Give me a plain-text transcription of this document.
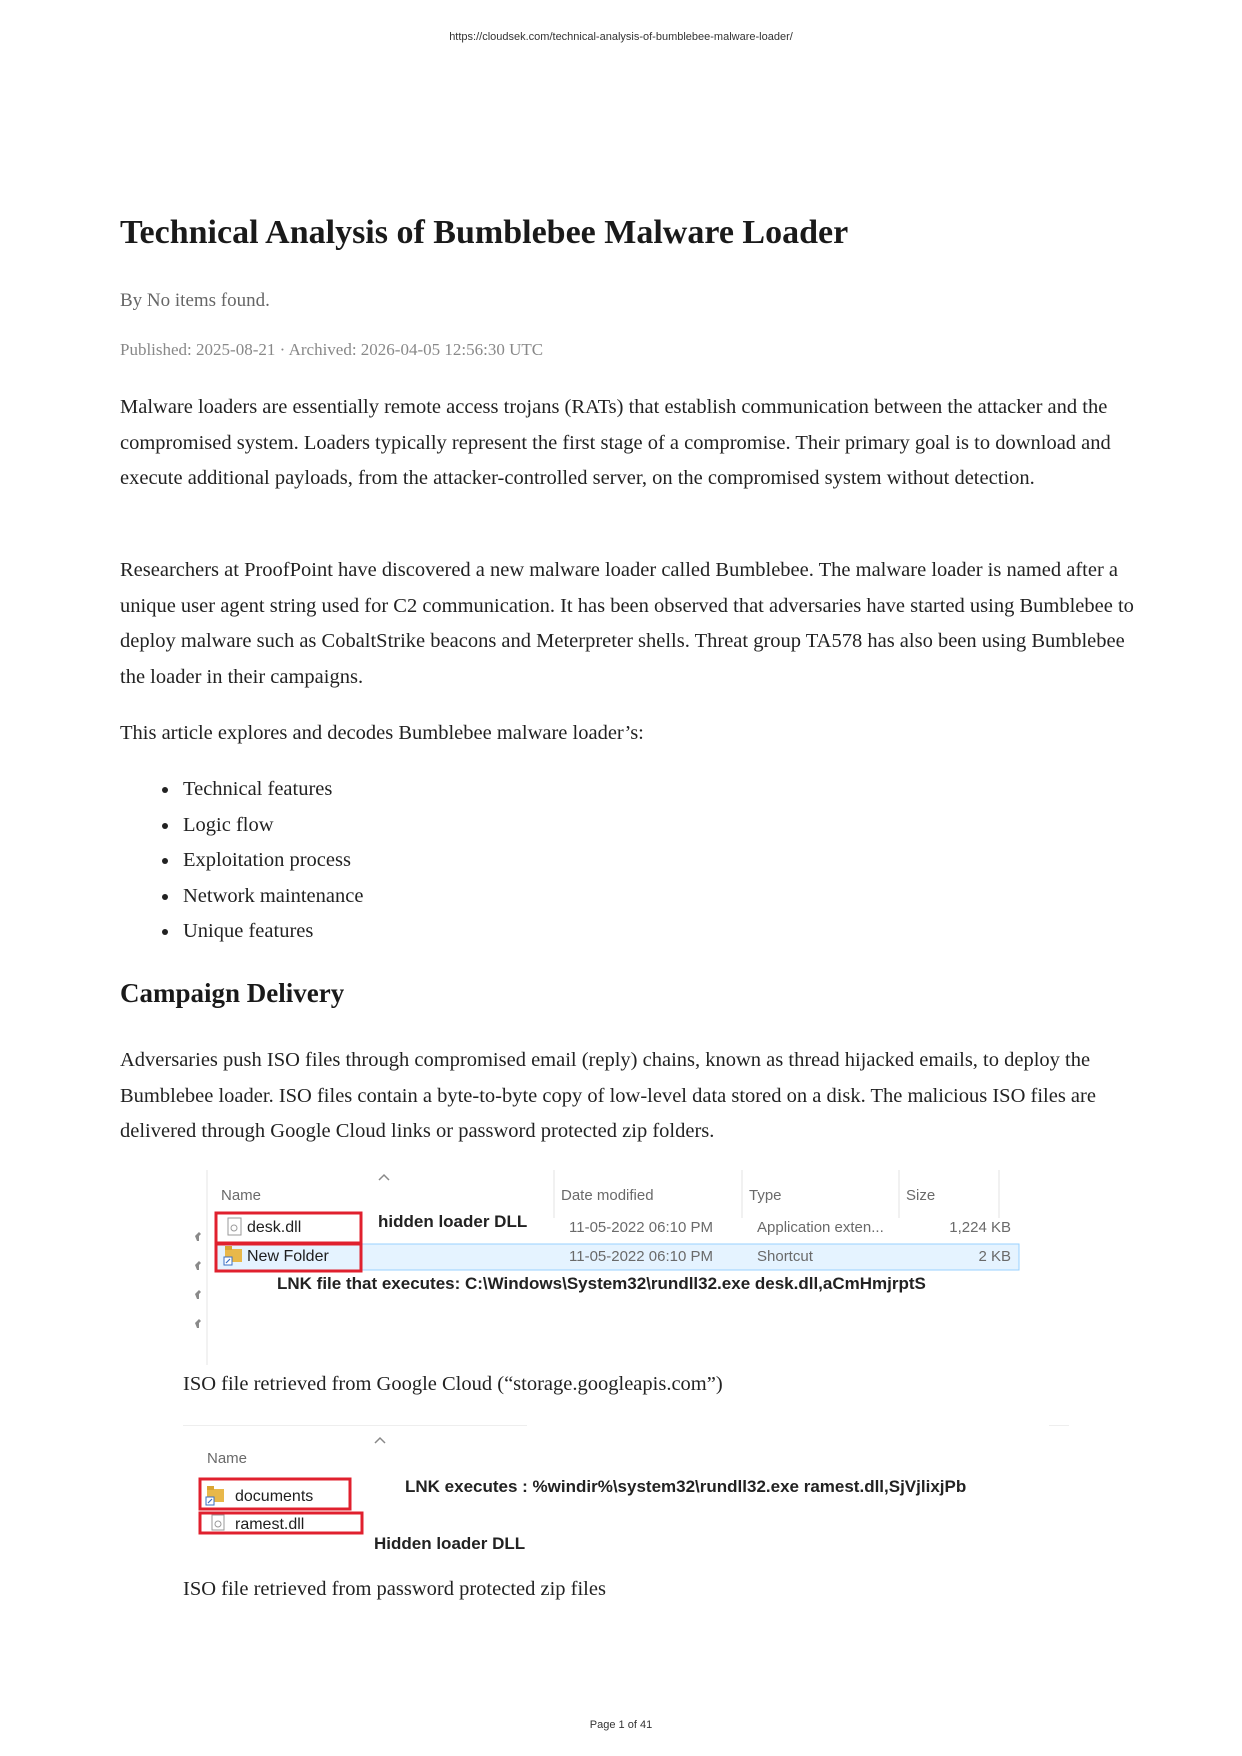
https://cloudsek.com/technical-analysis-of-bumblebee-malware-loader/
Technical Analysis of Bumblebee Malware Loader
By No items found.
Published: 2025-08-21 · Archived: 2026-04-05 12:56:30 UTC

Malware loaders are essentially remote access trojans (RATs) that establish communication between the attacker and the compromised system. Loaders typically represent the first stage of a compromise. Their primary goal is to download and execute additional payloads, from the attacker-controlled server, on the compromised system without detection.

Researchers at ProofPoint have discovered a new malware loader called Bumblebee. The malware loader is named after a unique user agent string used for C2 communication. It has been observed that adversaries have started using Bumblebee to deploy malware such as CobaltStrike beacons and Meterpreter shells. Threat group TA578 has also been using Bumblebee the loader in their campaigns.

This article explores and decodes Bumblebee malware loader’s:

Technical features
Logic flow
Exploitation process
Network maintenance
Unique features
Campaign Delivery

Adversaries push ISO files through compromised email (reply) chains, known as thread hijacked emails, to deploy the Bumblebee loader. ISO files contain a byte-to-byte copy of low-level data stored on a disk. The malicious ISO files are delivered through Google Cloud links or password protected zip folders.

Name	Date modified	Type	Size
desk.dll	11-05-2022 06:10 PM	Application exten...	1,224 KB
New Folder	11-05-2022 06:10 PM	Shortcut	2 KB
hidden loader DLL
LNK file that executes: C:\Windows\System32\rundll32.exe desk.dll,aCmHmjrptS
ISO file retrieved from Google Cloud (“storage.googleapis.com”)
Name
documents
ramest.dll
LNK executes : %windir%\system32\rundll32.exe ramest.dll,SjVjlixjPb
Hidden loader DLL
ISO file retrieved from password protected zip files
Page 1 of 41
